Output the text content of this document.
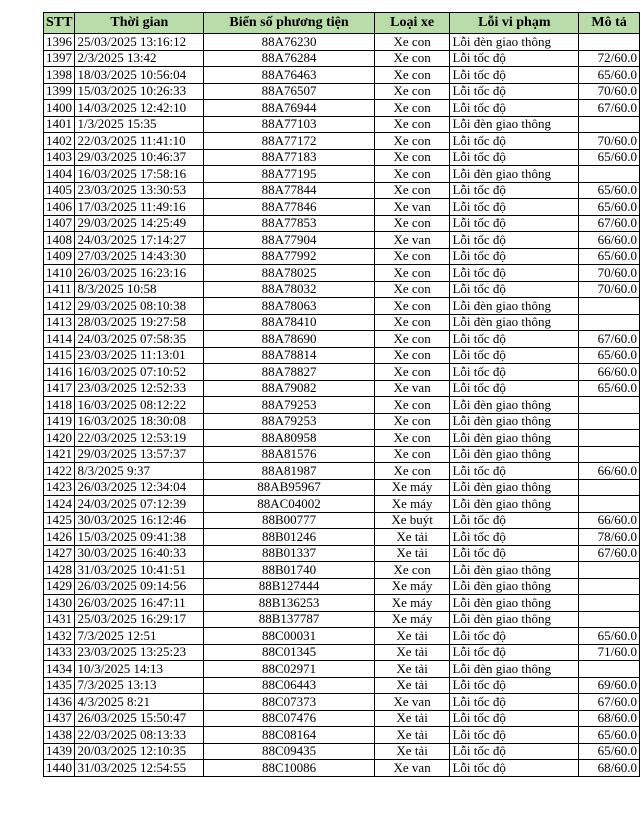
STT	Thời gian	Biển số phương tiện	Loại xe	Lỗi vi phạm	Mô tả
1396	25/03/2025 13:16:12	88A76230	Xe con	Lỗi đèn giao thông	
1397	2/3/2025 13:42	88A76284	Xe con	Lỗi tốc độ	72/60.0
1398	18/03/2025 10:56:04	88A76463	Xe con	Lỗi tốc độ	65/60.0
1399	15/03/2025 10:26:33	88A76507	Xe con	Lỗi tốc độ	70/60.0
1400	14/03/2025 12:42:10	88A76944	Xe con	Lỗi tốc độ	67/60.0
1401	1/3/2025 15:35	88A77103	Xe con	Lỗi đèn giao thông	
1402	22/03/2025 11:41:10	88A77172	Xe con	Lỗi tốc độ	70/60.0
1403	29/03/2025 10:46:37	88A77183	Xe con	Lỗi tốc độ	65/60.0
1404	16/03/2025 17:58:16	88A77195	Xe con	Lỗi đèn giao thông	
1405	23/03/2025 13:30:53	88A77844	Xe con	Lỗi tốc độ	65/60.0
1406	17/03/2025 11:49:16	88A77846	Xe van	Lỗi tốc độ	65/60.0
1407	29/03/2025 14:25:49	88A77853	Xe con	Lỗi tốc độ	67/60.0
1408	24/03/2025 17:14:27	88A77904	Xe van	Lỗi tốc độ	66/60.0
1409	27/03/2025 14:43:30	88A77992	Xe con	Lỗi tốc độ	65/60.0
1410	26/03/2025 16:23:16	88A78025	Xe con	Lỗi tốc độ	70/60.0
1411	8/3/2025 10:58	88A78032	Xe con	Lỗi tốc độ	70/60.0
1412	29/03/2025 08:10:38	88A78063	Xe con	Lỗi đèn giao thông	
1413	28/03/2025 19:27:58	88A78410	Xe con	Lỗi đèn giao thông	
1414	24/03/2025 07:58:35	88A78690	Xe con	Lỗi tốc độ	67/60.0
1415	23/03/2025 11:13:01	88A78814	Xe con	Lỗi tốc độ	65/60.0
1416	16/03/2025 07:10:52	88A78827	Xe con	Lỗi tốc độ	66/60.0
1417	23/03/2025 12:52:33	88A79082	Xe van	Lỗi tốc độ	65/60.0
1418	16/03/2025 08:12:22	88A79253	Xe con	Lỗi đèn giao thông	
1419	16/03/2025 18:30:08	88A79253	Xe con	Lỗi đèn giao thông	
1420	22/03/2025 12:53:19	88A80958	Xe con	Lỗi đèn giao thông	
1421	29/03/2025 13:57:37	88A81576	Xe con	Lỗi đèn giao thông	
1422	8/3/2025 9:37	88A81987	Xe con	Lỗi tốc độ	66/60.0
1423	26/03/2025 12:34:04	88AB95967	Xe máy	Lỗi đèn giao thông	
1424	24/03/2025 07:12:39	88AC04002	Xe máy	Lỗi đèn giao thông	
1425	30/03/2025 16:12:46	88B00777	Xe buýt	Lỗi tốc độ	66/60.0
1426	15/03/2025 09:41:38	88B01246	Xe tải	Lỗi tốc độ	78/60.0
1427	30/03/2025 16:40:33	88B01337	Xe tải	Lỗi tốc độ	67/60.0
1428	31/03/2025 10:41:51	88B01740	Xe con	Lỗi đèn giao thông	
1429	26/03/2025 09:14:56	88B127444	Xe máy	Lỗi đèn giao thông	
1430	26/03/2025 16:47:11	88B136253	Xe máy	Lỗi đèn giao thông	
1431	25/03/2025 16:29:17	88B137787	Xe máy	Lỗi đèn giao thông	
1432	7/3/2025 12:51	88C00031	Xe tải	Lỗi tốc độ	65/60.0
1433	23/03/2025 13:25:23	88C01345	Xe tải	Lỗi tốc độ	71/60.0
1434	10/3/2025 14:13	88C02971	Xe tải	Lỗi đèn giao thông	
1435	7/3/2025 13:13	88C06443	Xe tải	Lỗi tốc độ	69/60.0
1436	4/3/2025 8:21	88C07373	Xe van	Lỗi tốc độ	67/60.0
1437	26/03/2025 15:50:47	88C07476	Xe tải	Lỗi tốc độ	68/60.0
1438	22/03/2025 08:13:33	88C08164	Xe tải	Lỗi tốc độ	65/60.0
1439	20/03/2025 12:10:35	88C09435	Xe tải	Lỗi tốc độ	65/60.0
1440	31/03/2025 12:54:55	88C10086	Xe van	Lỗi tốc độ	68/60.0
